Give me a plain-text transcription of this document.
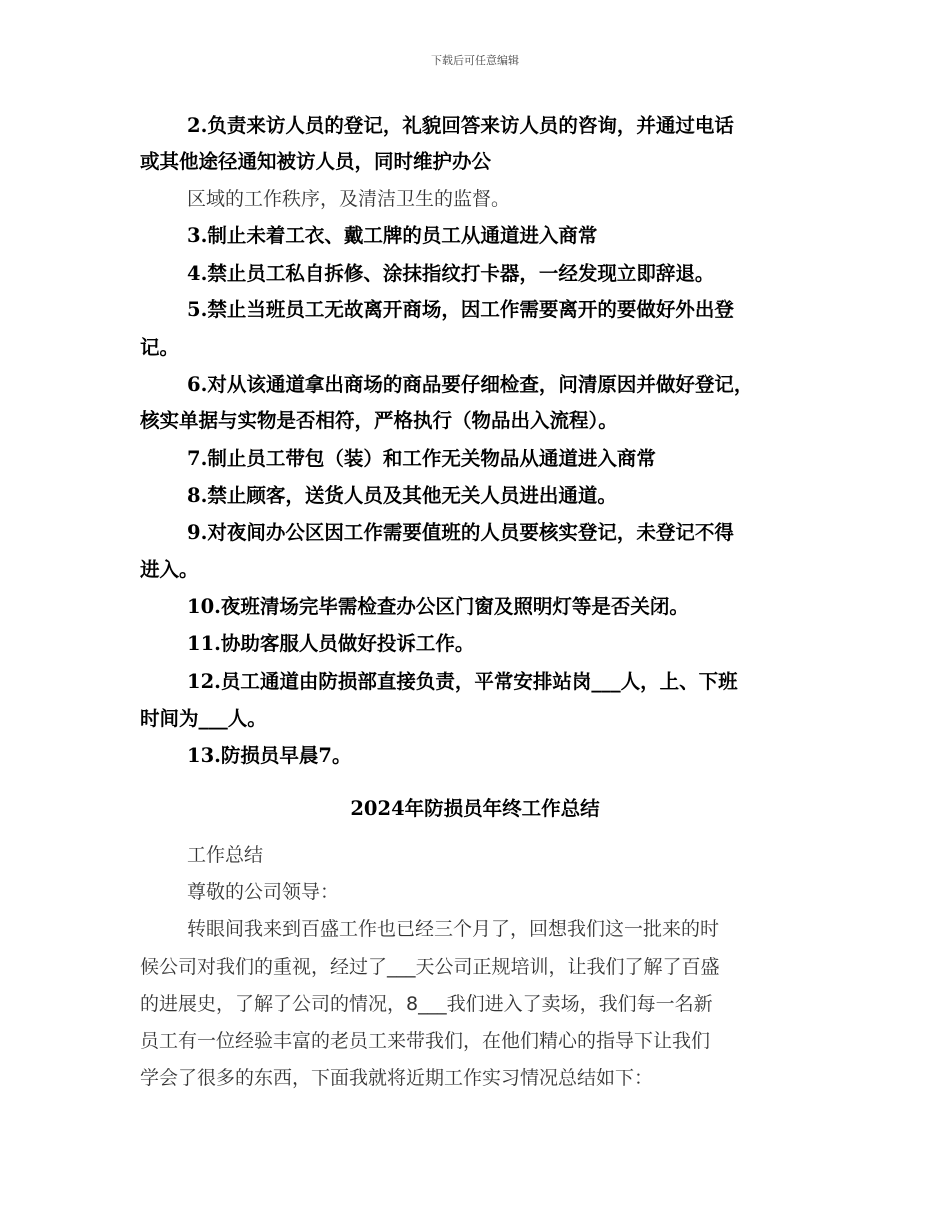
下载后可任意编辑
2.负责来访人员的登记，礼貌回答来访人员的咨询，并通过电话
或其他途径通知被访人员，同时维护办公
区域的工作秩序，及清洁卫生的监督。
3.制止未着工衣、戴工牌的员工从通道进入商常
4.禁止员工私自拆修、涂抹指纹打卡器，一经发现立即辞退。
5.禁止当班员工无故离开商场，因工作需要离开的要做好外出登
记。
6.对从该通道拿出商场的商品要仔细检查，问清原因并做好登记，
核实单据与实物是否相符，严格执行（物品出入流程）。
7.制止员工带包（装）和工作无关物品从通道进入商常
8.禁止顾客，送货人员及其他无关人员进出通道。
9.对夜间办公区因工作需要值班的人员要核实登记，未登记不得
进入。
10.夜班清场完毕需检查办公区门窗及照明灯等是否关闭。
11.协助客服人员做好投诉工作。
12.员工通道由防损部直接负责，平常安排站岗___人，上、下班
时间为___人。
13.防损员早晨7。
2024年防损员年终工作总结
工作总结
尊敬的公司领导：
转眼间我来到百盛工作也已经三个月了，回想我们这一批来的时
候公司对我们的重视，经过了___天公司正规培训，让我们了解了百盛
的进展史，了解了公司的情况，8___我们进入了卖场，我们每一名新
员工有一位经验丰富的老员工来带我们，在他们精心的指导下让我们
学会了很多的东西，下面我就将近期工作实习情况总结如下：
